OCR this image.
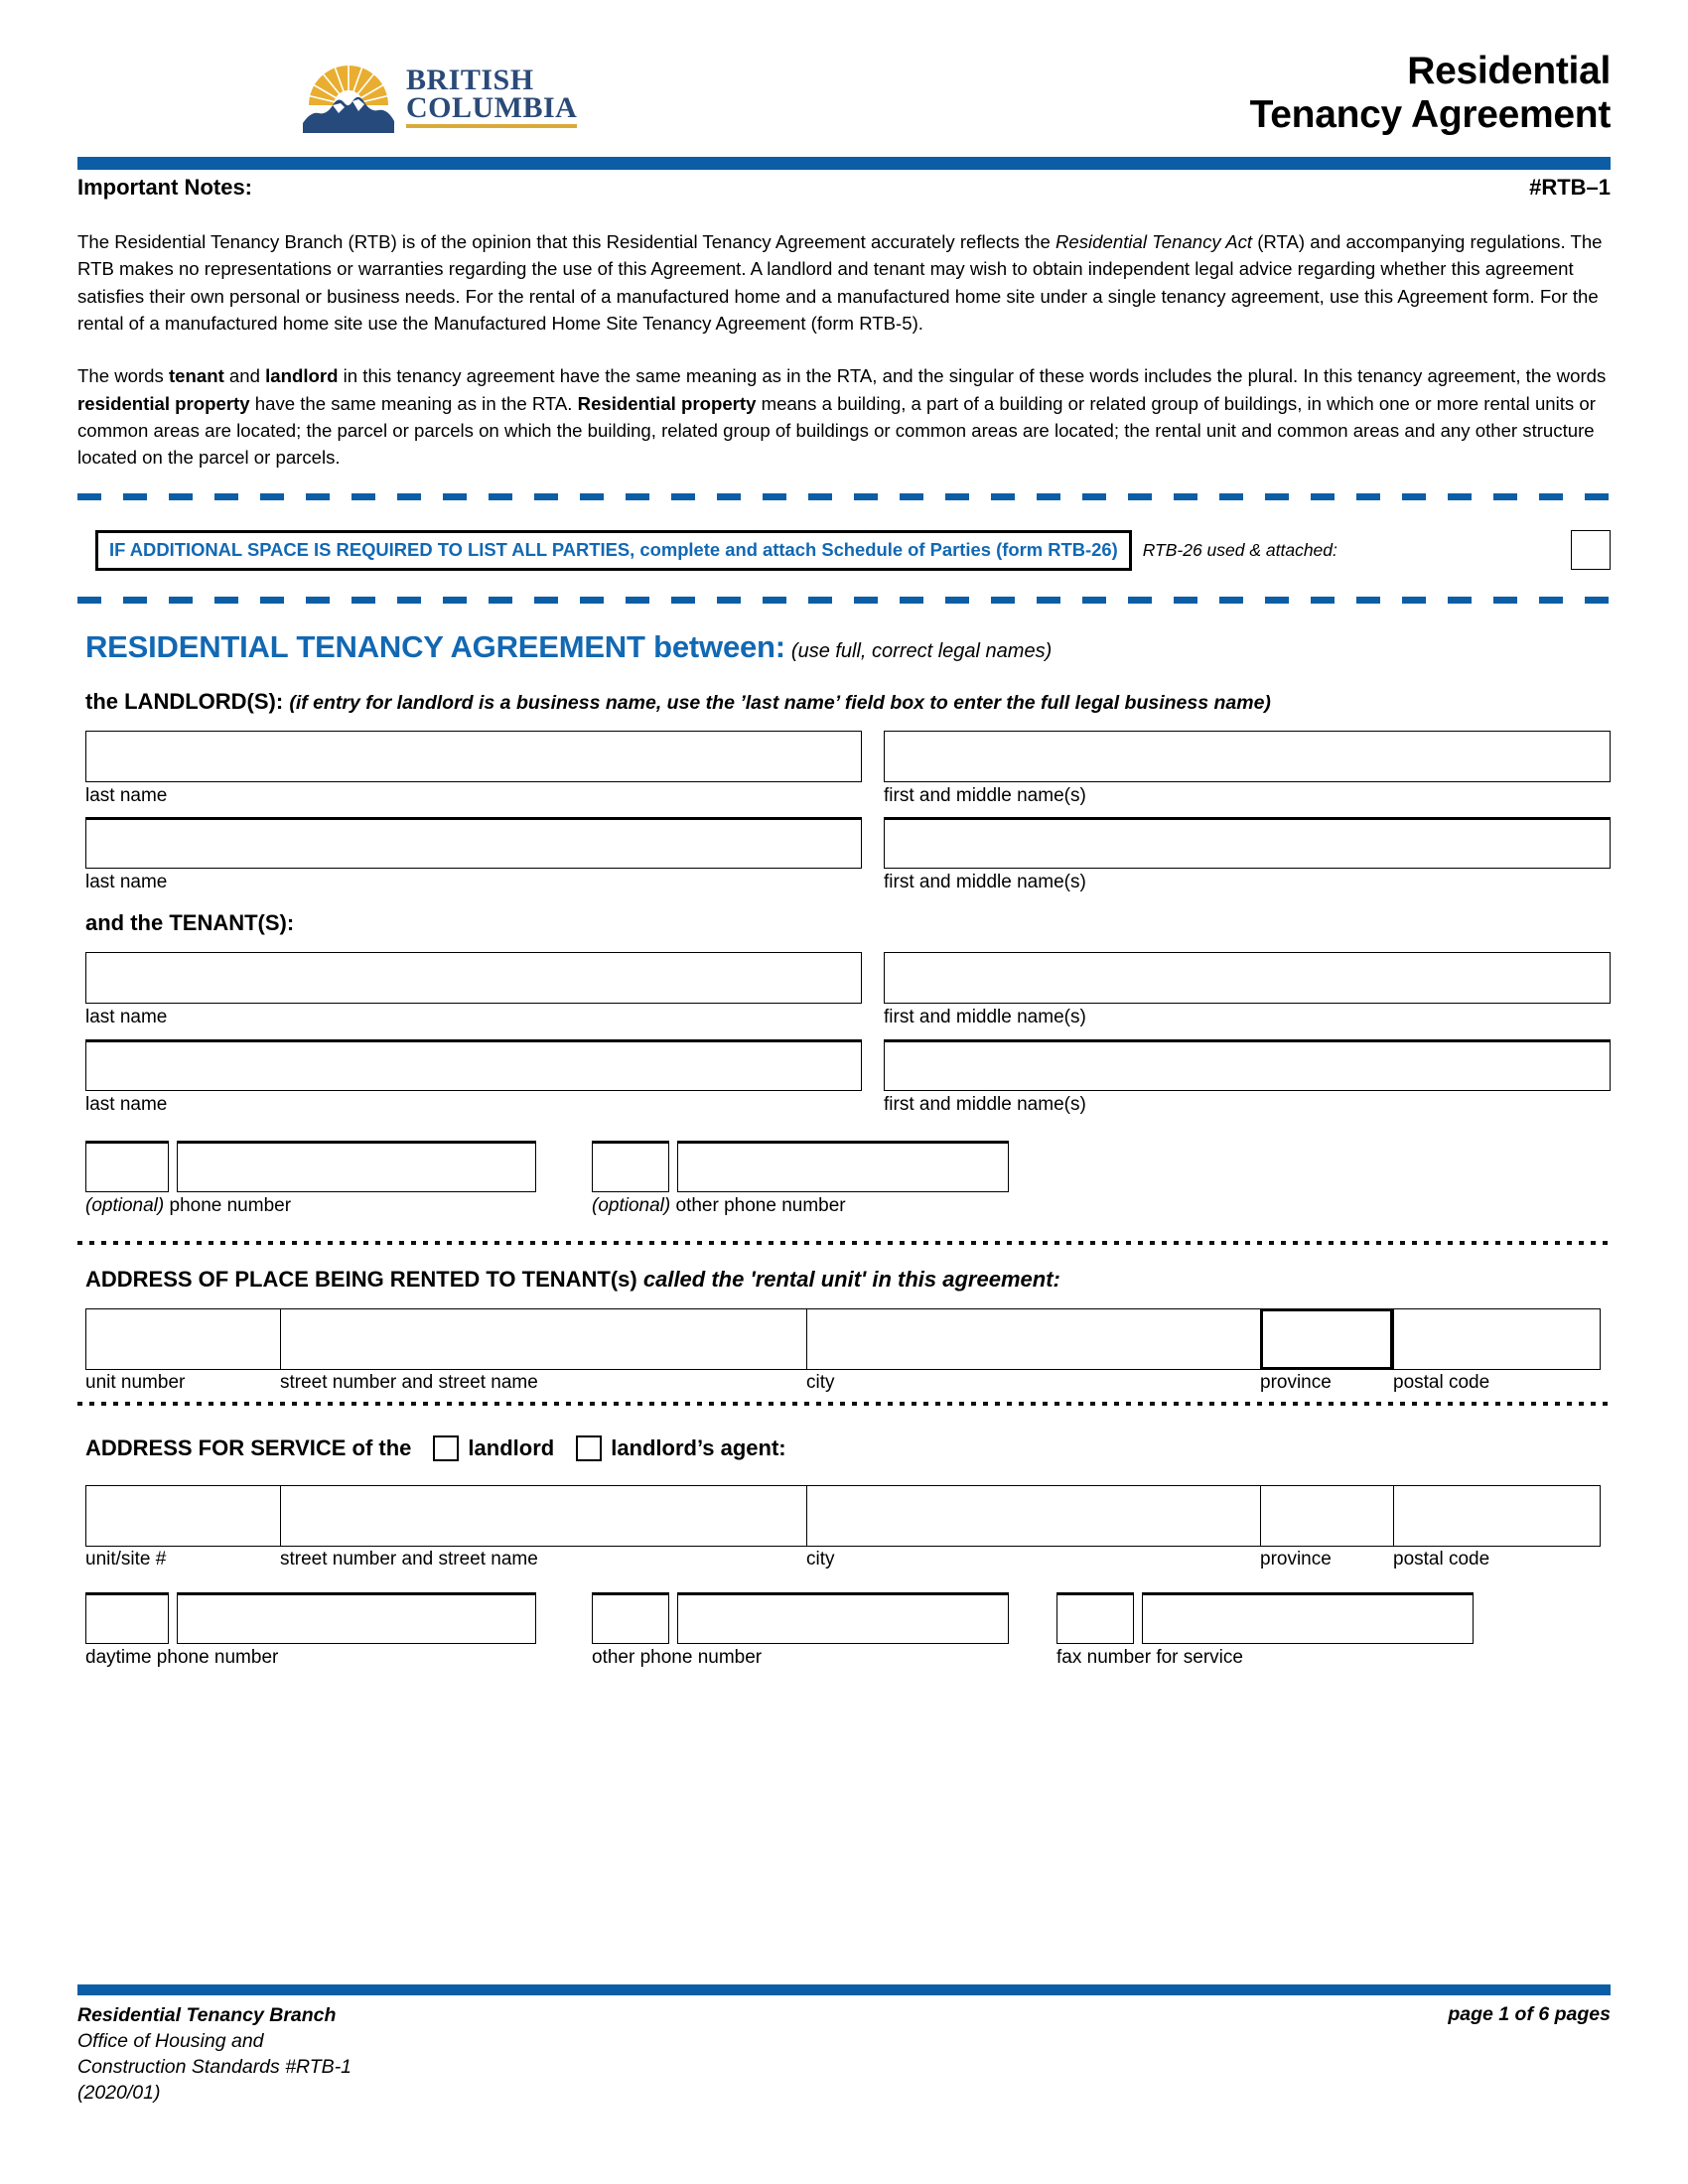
BRITISH
COLUMBIA
Residential
Tenancy Agreement
Important Notes:	#RTB–1

The Residential Tenancy Branch (RTB) is of the opinion that this Residential Tenancy Agreement accurately reflects the Residential Tenancy Act (RTA) and accompanying regulations. The RTB makes no representations or warranties regarding the use of this Agreement. A landlord and tenant may wish to obtain independent legal advice regarding whether this agreement satisfies their own personal or business needs. For the rental of a manufactured home and a manufactured home site under a single tenancy agreement, use this Agreement form. For the rental of a manufactured home site use the Manufactured Home Site Tenancy Agreement (form RTB-5).

The words tenant and landlord in this tenancy agreement have the same meaning as in the RTA, and the singular of these words includes the plural. In this tenancy agreement, the words residential property have the same meaning as in the RTA. Residential property means a building, a part of a building or related group of buildings, in which one or more rental units or common areas are located; the parcel or parcels on which the building, related group of buildings or common areas are located; the rental unit and common areas and any other structure located on the parcel or parcels.

IF ADDITIONAL SPACE IS REQUIRED TO LIST ALL PARTIES, complete and attach Schedule of Parties (form RTB-26)	RTB-26 used & attached:
RESIDENTIAL TENANCY AGREEMENT between: (use full, correct legal names)
the LANDLORD(S): (if entry for landlord is a business name, use the ’last name’ field box to enter the full legal business name)
last name	first and middle name(s)
last name	first and middle name(s)
and the TENANT(S):
last name	first and middle name(s)
last name	first and middle name(s)
(optional) phone number	(optional) other phone number
ADDRESS OF PLACE BEING RENTED TO TENANT(s) called the 'rental unit' in this agreement:
unit number	street number and street name	city	province	postal code
ADDRESS FOR SERVICE of the	landlord	landlord’s agent:
unit/site #	street number and street name	city	province	postal code
daytime phone number	other phone number	fax number for service
Residential Tenancy Branch
Office of Housing and
Construction Standards #RTB-1
(2020/01)
page 1 of 6 pages
